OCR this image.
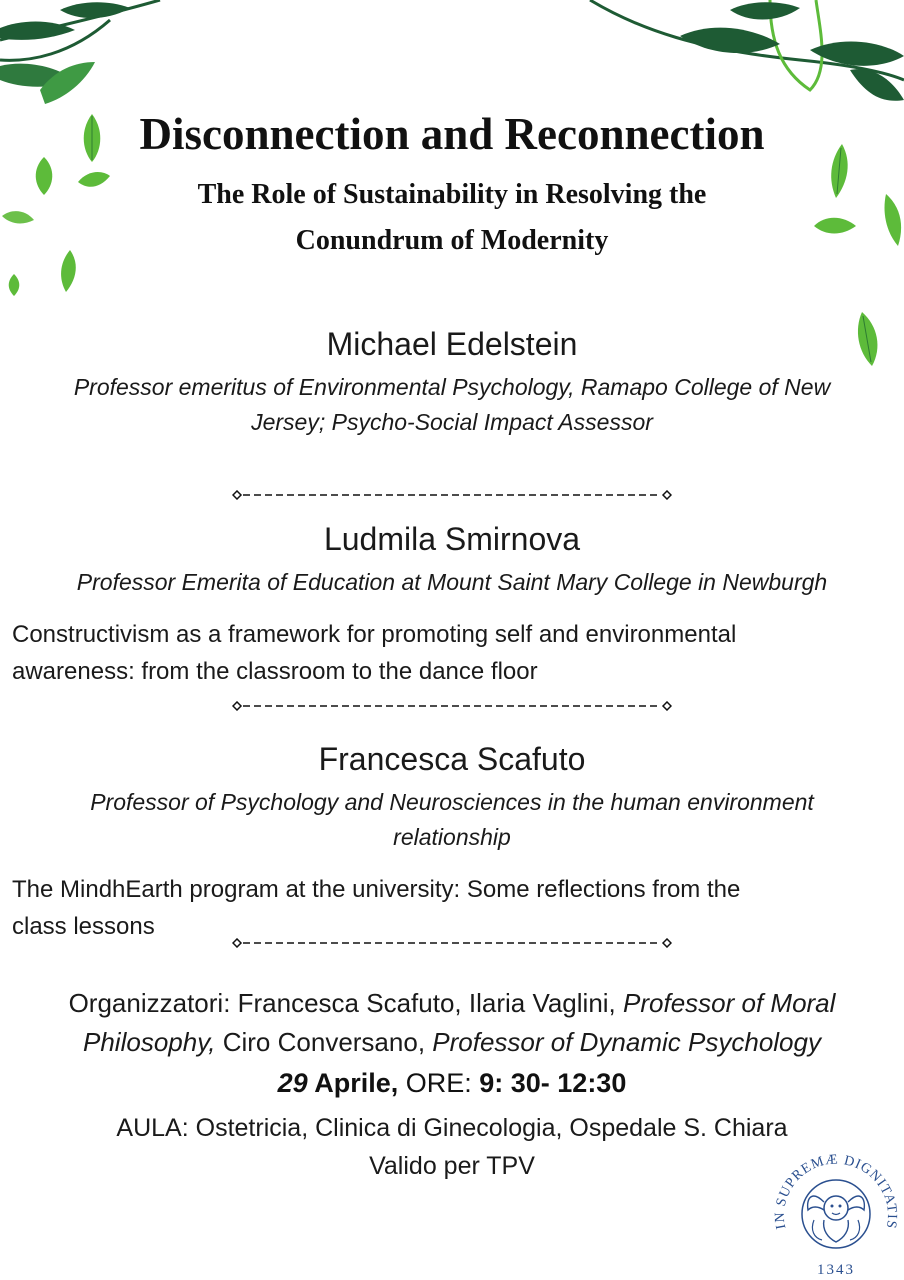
Disconnection and Reconnection
The Role of Sustainability in Resolving the
Conundrum of Modernity
Michael Edelstein
Professor emeritus of Environmental Psychology, Ramapo College of New
Jersey; Psycho-Social Impact Assessor
Ludmila Smirnova
Professor Emerita of Education at Mount Saint Mary College in Newburgh
Constructivism as a framework for promoting self and environmental
awareness: from the classroom to the dance floor
Francesca Scafuto
Professor of Psychology and Neurosciences in the human environment
relationship
The MindhEarth program at the university: Some reflections from the
class lessons
Organizzatori: Francesca Scafuto, Ilaria Vaglini, Professor of Moral
Philosophy, Ciro Conversano, Professor of Dynamic Psychology
29 Aprile, ORE: 9: 30- 12:30
AULA: Ostetricia, Clinica di Ginecologia, Ospedale S. Chiara
Valido per TPV
IN SUPREMÆ DIGNITATIS
1343
